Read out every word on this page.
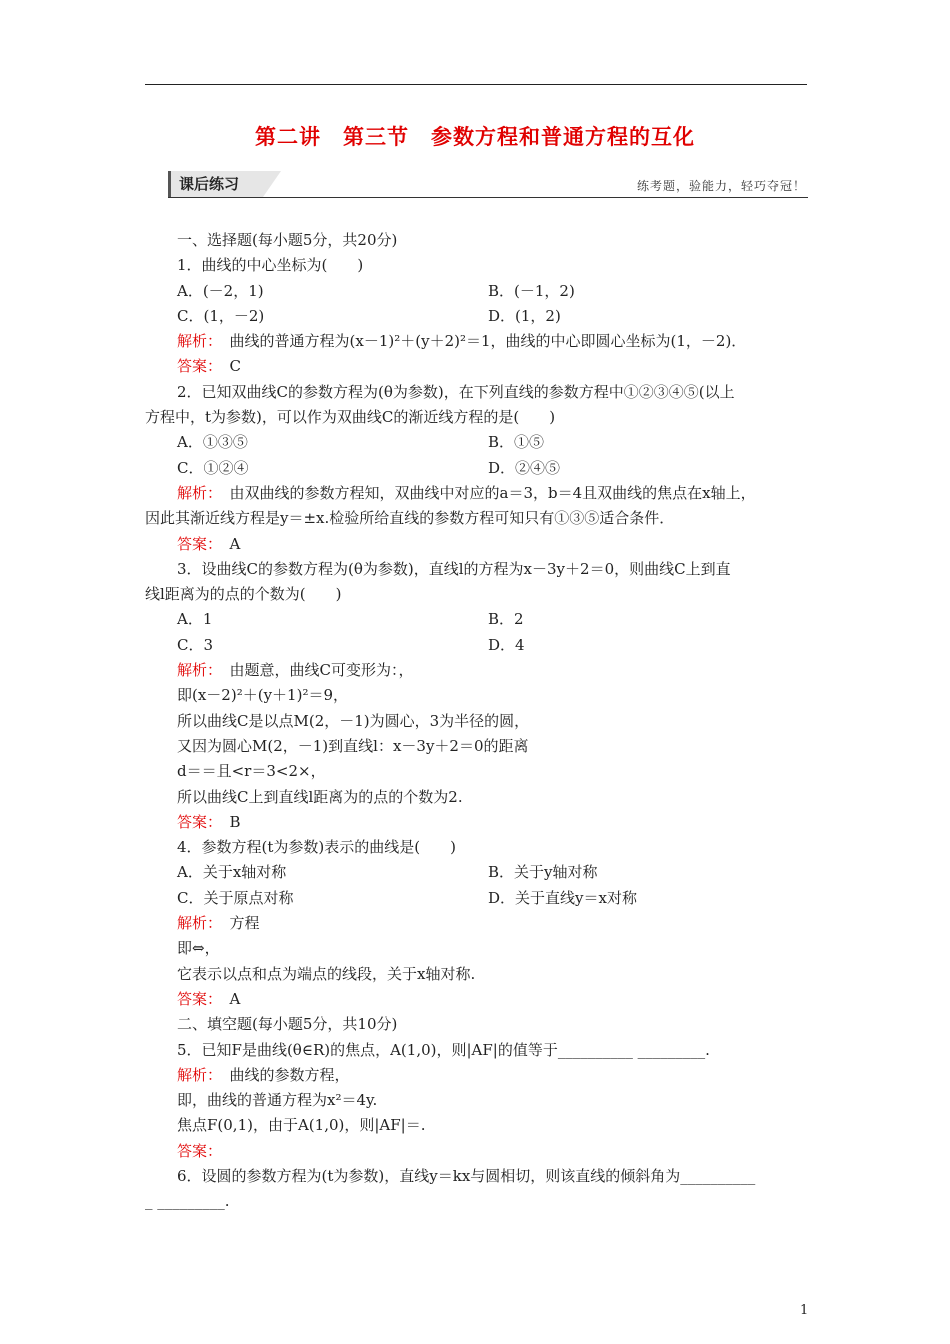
第二讲　第三节　参数方程和普通方程的互化
课后练习	练考题，验能力，轻巧夺冠！
一、选择题(每小题5分，共20分)
1．曲线的中心坐标为(　　)
A．(－2，1)	B．(－1，2)
C．(1，－2)	D．(1，2)
解析：　曲线的普通方程为(x－1)²＋(y＋2)²＝1，曲线的中心即圆心坐标为(1，－2)．
答案：　C
2．已知双曲线C的参数方程为(θ为参数)，在下列直线的参数方程中①②③④⑤(以上
方程中，t为参数)，可以作为双曲线C的渐近线方程的是(　　)
A．①③⑤	B．①⑤
C．①②④	D．②④⑤
解析：　由双曲线的参数方程知，双曲线中对应的a＝3，b＝4且双曲线的焦点在x轴上，
因此其渐近线方程是y＝±x.检验所给直线的参数方程可知只有①③⑤适合条件．
答案：　A
3．设曲线C的参数方程为(θ为参数)，直线l的方程为x－3y＋2＝0，则曲线C上到直
线l距离为的点的个数为(　　)
A．1	B．2
C．3	D．4
解析：　由题意，曲线C可变形为：，
即(x－2)²＋(y＋1)²＝9，
所以曲线C是以点M(2，－1)为圆心，3为半径的圆，
又因为圆心M(2，－1)到直线l：x－3y＋2＝0的距离
d＝＝且<r＝3<2×，
所以曲线C上到直线l距离为的点的个数为2.
答案：　B
4．参数方程(t为参数)表示的曲线是(　　)
A．关于x轴对称	B．关于y轴对称
C．关于原点对称	D．关于直线y＝x对称
解析：　方程
即⇔，
它表示以点和点为端点的线段，关于x轴对称.
答案：　A
二、填空题(每小题5分，共10分)
5．已知F是曲线(θ∈R)的焦点，A(1,0)，则|AF|的值等于__________ _________.
解析：　曲线的参数方程，
即，曲线的普通方程为x²＝4y.
焦点F(0,1)，由于A(1,0)，则|AF|＝.
答案：
6．设圆的参数方程为(t为参数)，直线y＝kx与圆相切，则该直线的倾斜角为__________
_ _________.
1
